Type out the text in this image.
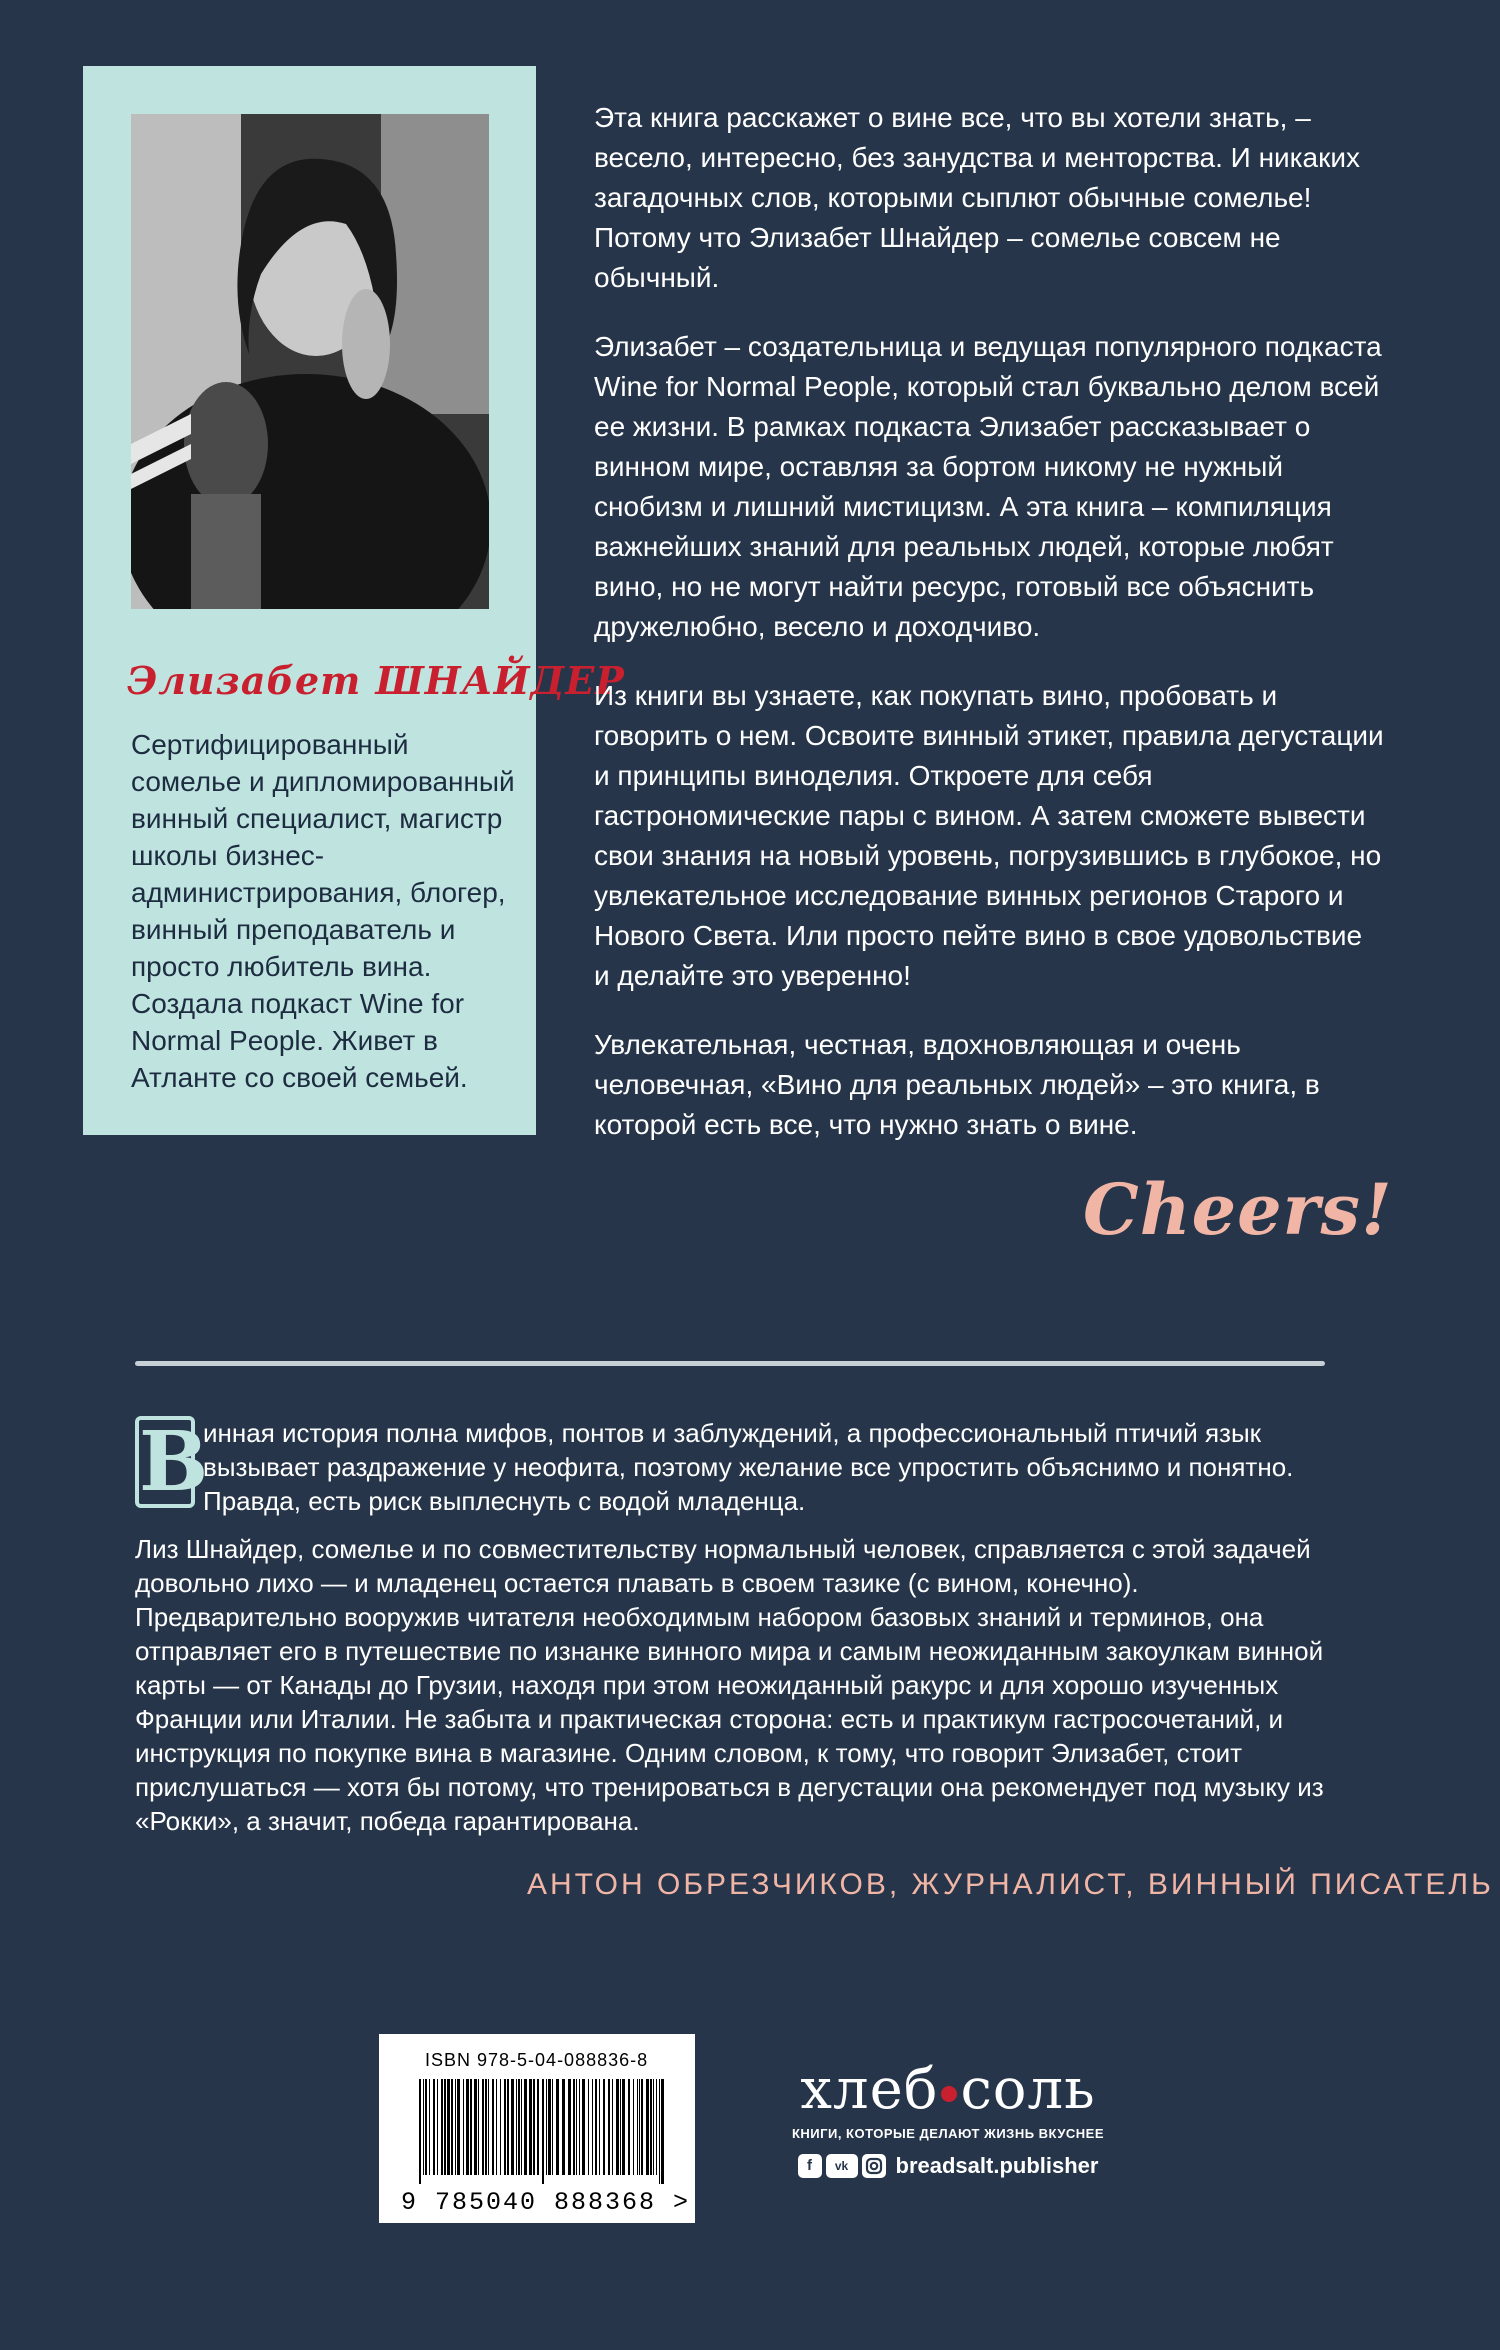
Элизабет ШНАЙДЕР

Сертифицированный сомелье и дипломированный винный специалист, магистр школы бизнес-администрирования, блогер, винный преподаватель и просто любитель вина. Создала подкаст Wine for Normal People. Живет в Атланте со своей семьей.

Эта книга расскажет о вине все, что вы хотели знать, – весело, интересно, без занудства и менторства. И никаких загадочных слов, которыми сыплют обычные сомелье! Потому что Элизабет Шнайдер – сомелье совсем не обычный.

Элизабет – создательница и ведущая популярного подкаста Wine for Normal People, который стал буквально делом всей ее жизни. В рамках подкаста Элизабет рассказывает о винном мире, оставляя за бортом никому не нужный снобизм и лишний мистицизм. А эта книга – компиляция важнейших знаний для реальных людей, которые любят вино, но не могут найти ресурс, готовый все объяснить дружелюбно, весело и доходчиво.

Из книги вы узнаете, как покупать вино, пробовать и говорить о нем. Освоите винный этикет, правила дегустации и принципы виноделия. Откроете для себя гастрономические пары с вином. А затем сможете вывести свои знания на новый уровень, погрузившись в глубокое, но увлекательное исследование винных регионов Старого и Нового Света. Или просто пейте вино в свое удовольствие и делайте это уверенно!

Увлекательная, честная, вдохновляющая и очень человечная, «Вино для реальных людей» – это книга, в которой есть все, что нужно знать о вине.

Cheers!
В
инная история полна мифов, понтов и заблуждений, а профессиональный птичий язык вызывает раздражение у неофита, поэтому желание все упростить объяснимо и понятно. Правда, есть риск выплеснуть с водой младенца.

Лиз Шнайдер, сомелье и по совместительству нормальный человек, справляется с этой задачей довольно лихо — и младенец остается плавать в своем тазике (с вином, конечно). Предварительно вооружив читателя необходимым набором базовых знаний и терминов, она отправляет его в путешествие по изнанке винного мира и самым неожиданным закоулкам винной карты — от Канады до Грузии, находя при этом неожиданный ракурс и для хорошо изученных Франции или Италии. Не забыта и практическая сторона: есть и практикум гастросочетаний, и инструкция по покупке вина в магазине. Одним словом, к тому, что говорит Элизабет, стоит прислушаться — хотя бы потому, что тренироваться в дегустации она рекомендует под музыку из «Рокки», а значит, победа гарантирована.

АНТОН ОБРЕЗЧИКОВ, ЖУРНАЛИСТ, ВИННЫЙ ПИСАТЕЛЬ
ISBN 978-5-04-088836-8
9 785040 888368 >
хлеб соль
КНИГИ, КОТОРЫЕ ДЕЛАЮТ ЖИЗНЬ ВКУСНЕЕ
f	vk	breadsalt.publisher
